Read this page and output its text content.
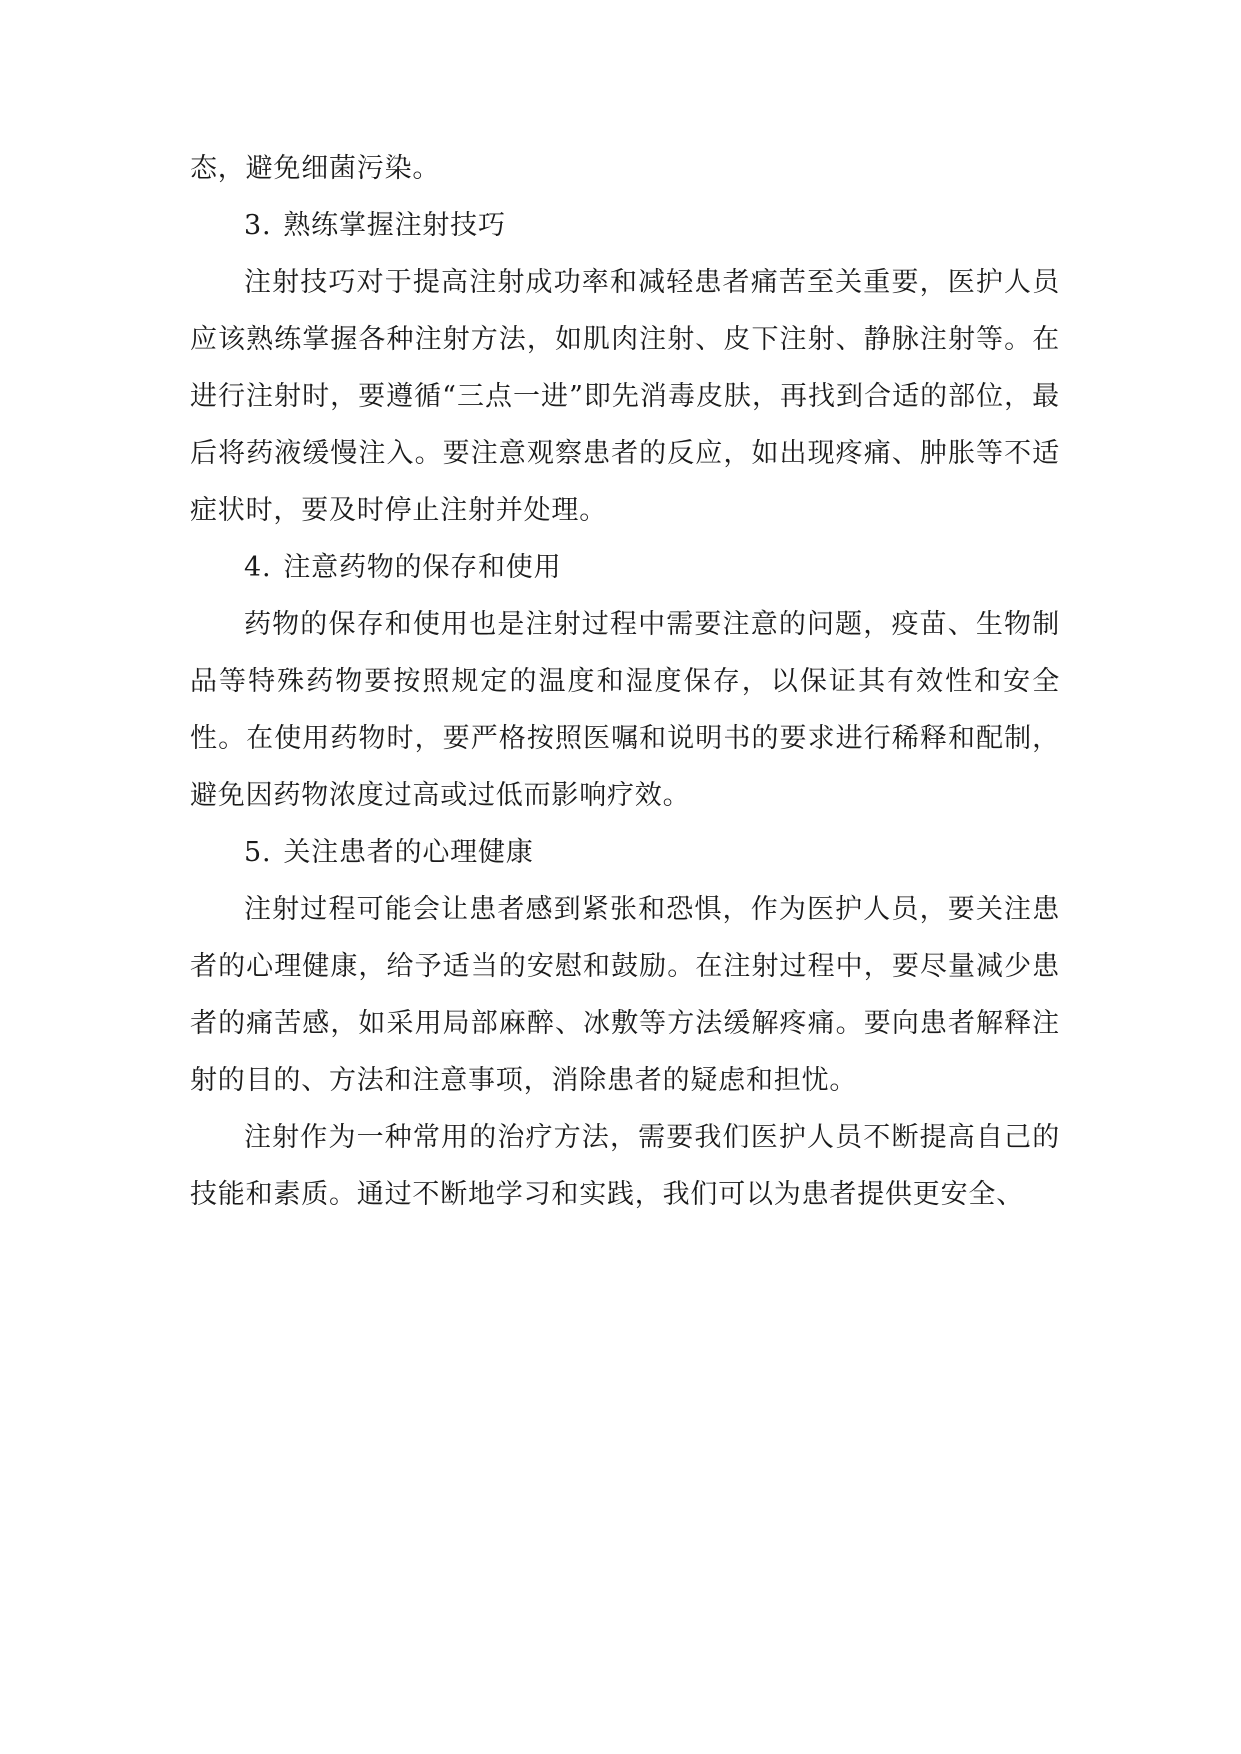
态，避免细菌污染。

3. 熟练掌握注射技巧

注射技巧对于提高注射成功率和减轻患者痛苦至关重要，医护人员应该熟练掌握各种注射方法，如肌肉注射、皮下注射、静脉注射等。在进行注射时，要遵循“三点一进”即先消毒皮肤，再找到合适的部位，最后将药液缓慢注入。要注意观察患者的反应，如出现疼痛、肿胀等不适症状时，要及时停止注射并处理。

4. 注意药物的保存和使用

药物的保存和使用也是注射过程中需要注意的问题，疫苗、生物制品等特殊药物要按照规定的温度和湿度保存，以保证其有效性和安全性。在使用药物时，要严格按照医嘱和说明书的要求进行稀释和配制，避免因药物浓度过高或过低而影响疗效。

5. 关注患者的心理健康

注射过程可能会让患者感到紧张和恐惧，作为医护人员，要关注患者的心理健康，给予适当的安慰和鼓励。在注射过程中，要尽量减少患者的痛苦感，如采用局部麻醉、冰敷等方法缓解疼痛。要向患者解释注射的目的、方法和注意事项，消除患者的疑虑和担忧。

注射作为一种常用的治疗方法，需要我们医护人员不断提高自己的技能和素质。通过不断地学习和实践，我们可以为患者提供更安全、
